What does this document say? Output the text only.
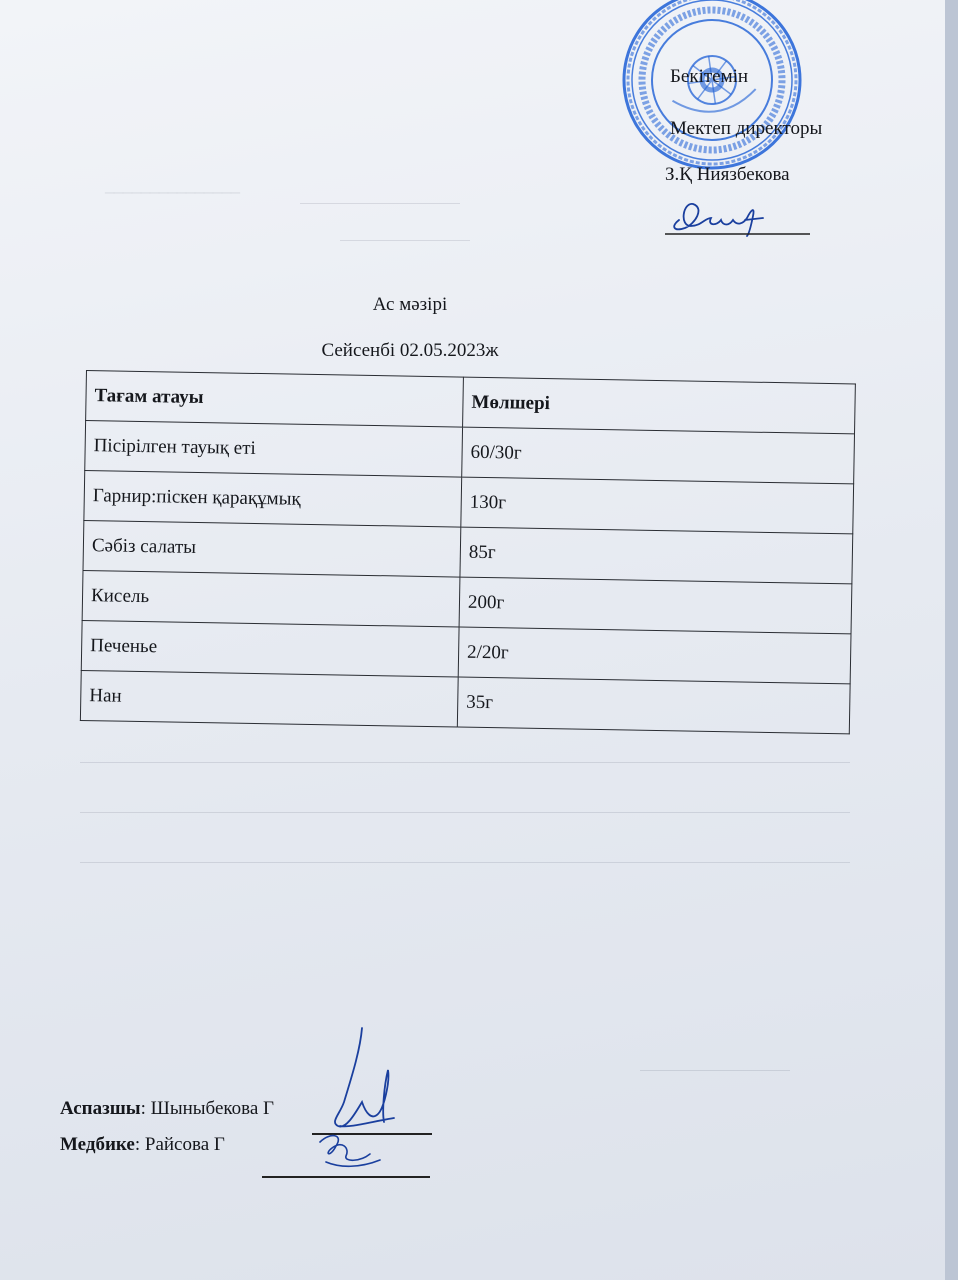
_______________
Бекітемін
Мектеп директоры
З.Қ Ниязбекова
Ас мәзірі
Сейсенбі 02.05.2023ж
Тағам атауы	Мөлшері
Пісірілген тауық еті	60/30г
Гарнир:піскен қарақұмық	130г
Сәбіз салаты	85г
Кисель	200г
Печенье	2/20г
Нан	35г
Аспазшы: Шыныбекова Г
Медбике: Райсова Г
